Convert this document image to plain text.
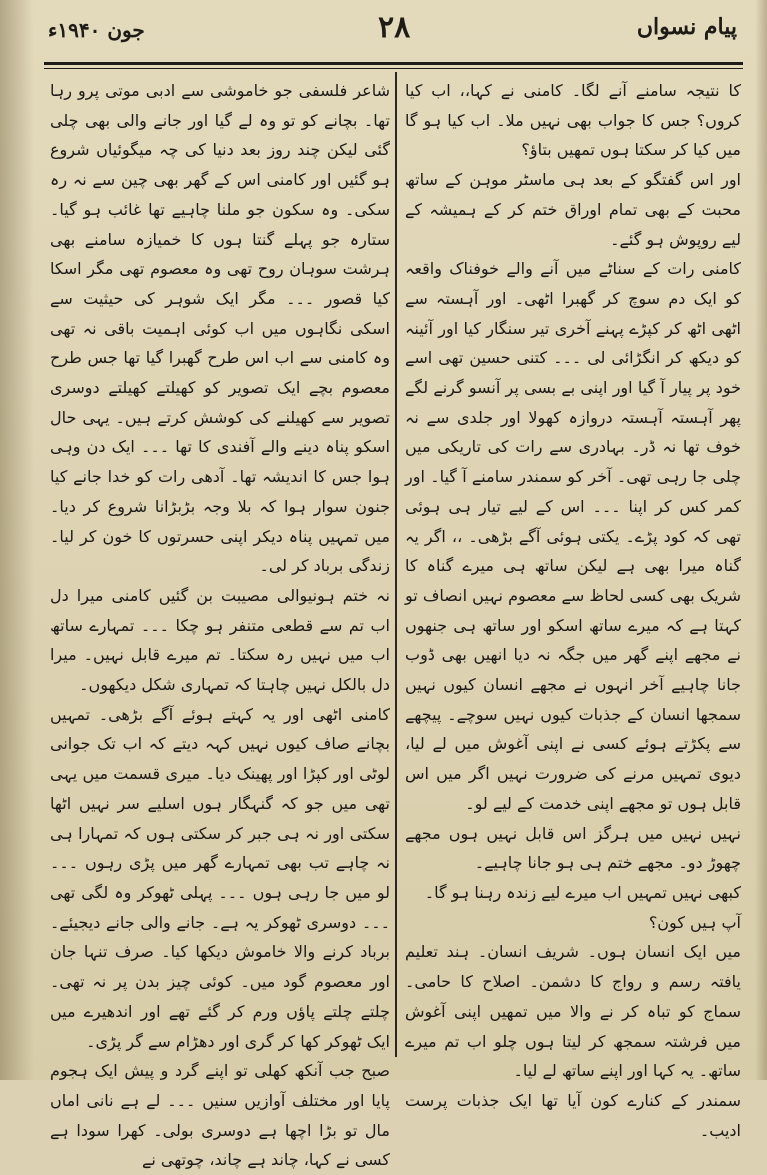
پیام نسواں
۲۸
جون ۱۹۴۰ء

کا نتیجہ سامنے آنے لگا۔ کامنی نے کہا،، اب کیا کروں؟ جس کا جواب بھی نہیں ملا۔ اب کیا ہو گا میں کیا کر سکتا ہوں تمھیں بتاؤ؟

اور اس گفتگو کے بعد ہی ماسٹر موہن کے ساتھ محبت کے بھی تمام اوراق ختم کر کے ہمیشہ کے لیے روپوش ہو گئے۔

کامنی رات کے سناٹے میں آنے والے خوفناک واقعہ کو ایک دم سوچ کر گھبرا اٹھی۔ اور آہستہ سے اٹھی اٹھ کر کپڑے پہنے آخری تیر سنگار کیا اور آئینہ کو دیکھ کر انگڑائی لی ۔۔۔ کتنی حسین تھی اسے خود پر پیار آ گیا اور اپنی بے بسی پر آنسو گرنے لگے پھر آہستہ آہستہ دروازہ کھولا اور جلدی سے نہ خوف تھا نہ ڈر۔ بہادری سے رات کی تاریکی میں چلی جا رہی تھی۔ آخر کو سمندر سامنے آ گیا۔ اور کمر کس کر اپنا ۔۔۔ اس کے لیے تیار ہی ہوئی تھی کہ کود پڑے۔ یکتی ہوئی آگے بڑھی۔ ،، اگر یہ گناہ میرا بھی ہے لیکن ساتھ ہی میرے گناہ کا شریک بھی کسی لحاظ سے معصوم نہیں انصاف تو کہتا ہے کہ میرے ساتھ اسکو اور ساتھ ہی جنھوں نے مجھے اپنے گھر میں جگہ نہ دیا انھیں بھی ڈوب جانا چاہیے آخر انہوں نے مجھے انسان کیوں نہیں سمجھا انسان کے جذبات کیوں نہیں سوچے۔ پیچھے سے پکڑتے ہوئے کسی نے اپنی آغوش میں لے لیا، دیوی تمہیں مرنے کی ضرورت نہیں اگر میں اس قابل ہوں تو مجھے اپنی خدمت کے لیے لو۔

نہیں نہیں میں ہرگز اس قابل نہیں ہوں مجھے چھوڑ دو۔ مجھے ختم ہی ہو جانا چاہیے۔

کبھی نہیں تمہیں اب میرے لیے زندہ رہنا ہو گا۔

آپ ہیں کون؟

میں ایک انسان ہوں۔ شریف انسان۔ ہند تعلیم یافتہ رسم و رواج کا دشمن۔ اصلاح کا حامی۔ سماج کو تباہ کر نے والا میں تمھیں اپنی آغوش میں فرشتہ سمجھ کر لیتا ہوں چلو اب تم میرے ساتھ۔ یہ کہا اور اپنے ساتھ لے لیا۔

سمندر کے کنارے کون آیا تھا ایک جذبات پرست ادیب۔

شاعر فلسفی جو خاموشی سے ادبی موتی پرو رہا تھا۔ بچانے کو تو وہ لے گیا اور جانے والی بھی چلی گئی لیکن چند روز بعد دنیا کی چہ میگوئیاں شروع ہو گئیں اور کامنی اس کے گھر بھی چین سے نہ رہ سکی۔ وہ سکون جو ملنا چاہیے تھا غائب ہو گیا۔ ستارہ جو پہلے گنتا ہوں کا خمیازہ سامنے بھی ہرشت سوہان روح تھی وہ معصوم تھی مگر اسکا کیا قصور ۔۔۔ مگر ایک شوہر کی حیثیت سے اسکی نگاہوں میں اب کوئی اہمیت باقی نہ تھی وہ کامنی سے اب اس طرح گھبرا گیا تھا جس طرح معصوم بچے ایک تصویر کو کھیلتے کھیلتے دوسری تصویر سے کھیلنے کی کوشش کرتے ہیں۔ یہی حال اسکو پناہ دینے والے آفندی کا تھا ۔۔۔ ایک دن وہی ہوا جس کا اندیشہ تھا۔ آدھی رات کو خدا جانے کیا جنون سوار ہوا کہ بلا وجہ بڑبڑانا شروع کر دیا۔ میں تمہیں پناہ دیکر اپنی حسرتوں کا خون کر لیا۔ زندگی برباد کر لی۔

نہ ختم ہونیوالی مصیبت بن گئیں کامنی میرا دل اب تم سے قطعی متنفر ہو چکا ۔۔۔ تمہارے ساتھ اب میں نہیں رہ سکتا۔ تم میرے قابل نہیں۔ میرا دل بالکل نہیں چاہتا کہ تمہاری شکل دیکھوں۔

کامنی اٹھی اور یہ کہتے ہوئے آگے بڑھی۔ تمہیں بچانے صاف کیوں نہیں کہہ دیتے کہ اب تک جوانی لوٹی اور کپڑا اور پھینک دیا۔ میری قسمت میں یہی تھی میں جو کہ گنہگار ہوں اسلیے سر نہیں اٹھا سکتی اور نہ ہی جبر کر سکتی ہوں کہ تمہارا ہی نہ چاہے تب بھی تمہارے گھر میں پڑی رہوں ۔۔۔ لو میں جا رہی ہوں ۔۔۔ پہلی ٹھوکر وہ لگی تھی ۔۔۔ دوسری ٹھوکر یہ ہے۔ جانے والی جانے دیجیئے۔ برباد کرنے والا خاموش دیکھا کیا۔ صرف تنہا جان اور معصوم گود میں۔ کوئی چیز بدن پر نہ تھی۔ چلتے چلتے پاؤں ورم کر گئے تھے اور اندھیرے میں ایک ٹھوکر کھا کر گری اور دھڑام سے گر پڑی۔

صبح جب آنکھ کھلی تو اپنے گرد و پیش ایک ہجوم پایا اور مختلف آوازیں سنیں ۔۔۔ لے ہے نانی اماں مال تو بڑا اچھا ہے دوسری بولی۔ کھرا سودا ہے کسی نے کہا، چاند ہے چاند، چوتھی نے
